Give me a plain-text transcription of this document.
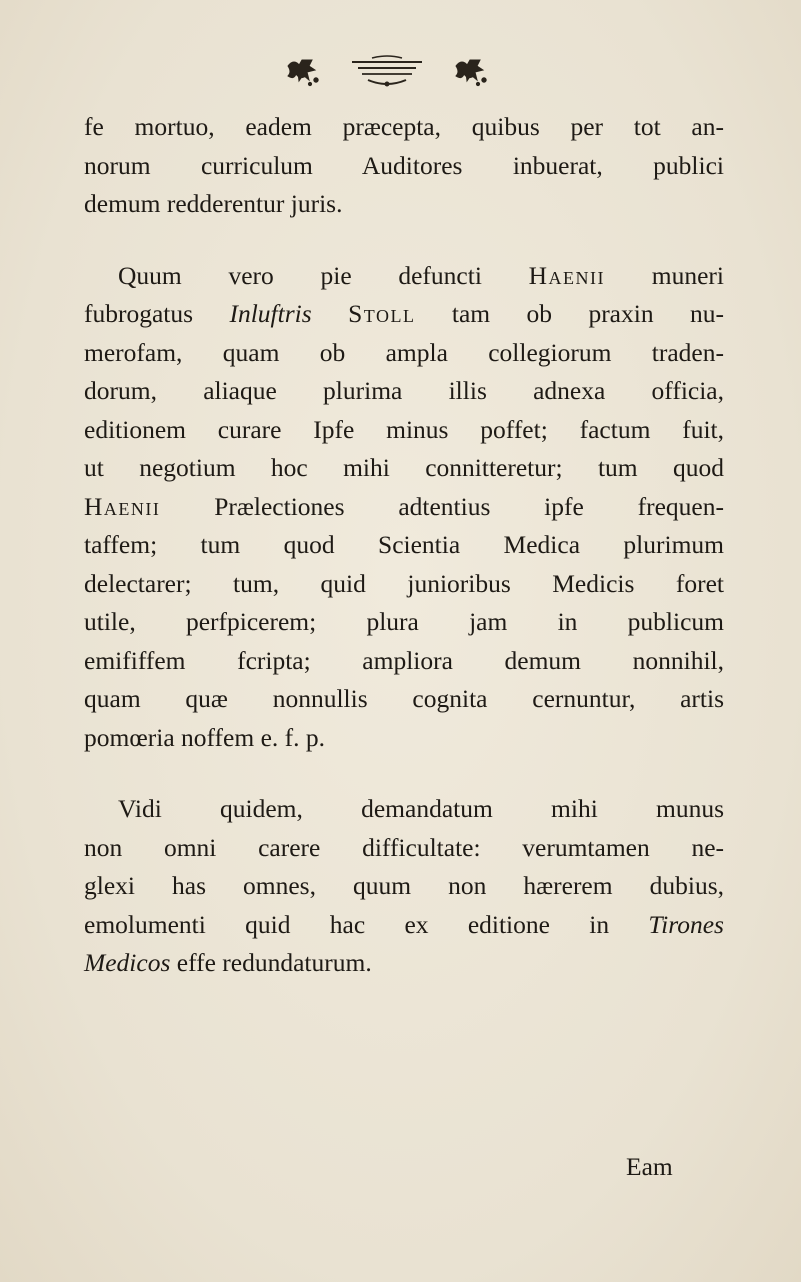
fe mortuo, eadem præcepta, quibus per tot an-
norum curriculum Auditores inbuerat, publici
demum redderentur juris.
Quum vero pie defuncti Haenii muneri
fubrogatus Inluftris Stoll tam ob praxin nu-
merofam, quam ob ampla collegiorum traden-
dorum, aliaque plurima illis adnexa officia,
editionem curare Ipfe minus poffet; factum fuit,
ut negotium hoc mihi connitteretur; tum quod
Haenii Prælectiones adtentius ipfe frequen-
taffem; tum quod Scientia Medica plurimum
delectarer; tum, quid junioribus Medicis foret
utile, perfpicerem; plura jam in publicum
emififfem fcripta; ampliora demum nonnihil,
quam quæ nonnullis cognita cernuntur, artis
pomœria noffem e. f. p.
Vidi quidem, demandatum mihi munus
non omni carere difficultate: verumtamen ne-
glexi has omnes, quum non hærerem dubius,
emolumenti quid hac ex editione in Tirones
Medicos effe redundaturum.
Eam
